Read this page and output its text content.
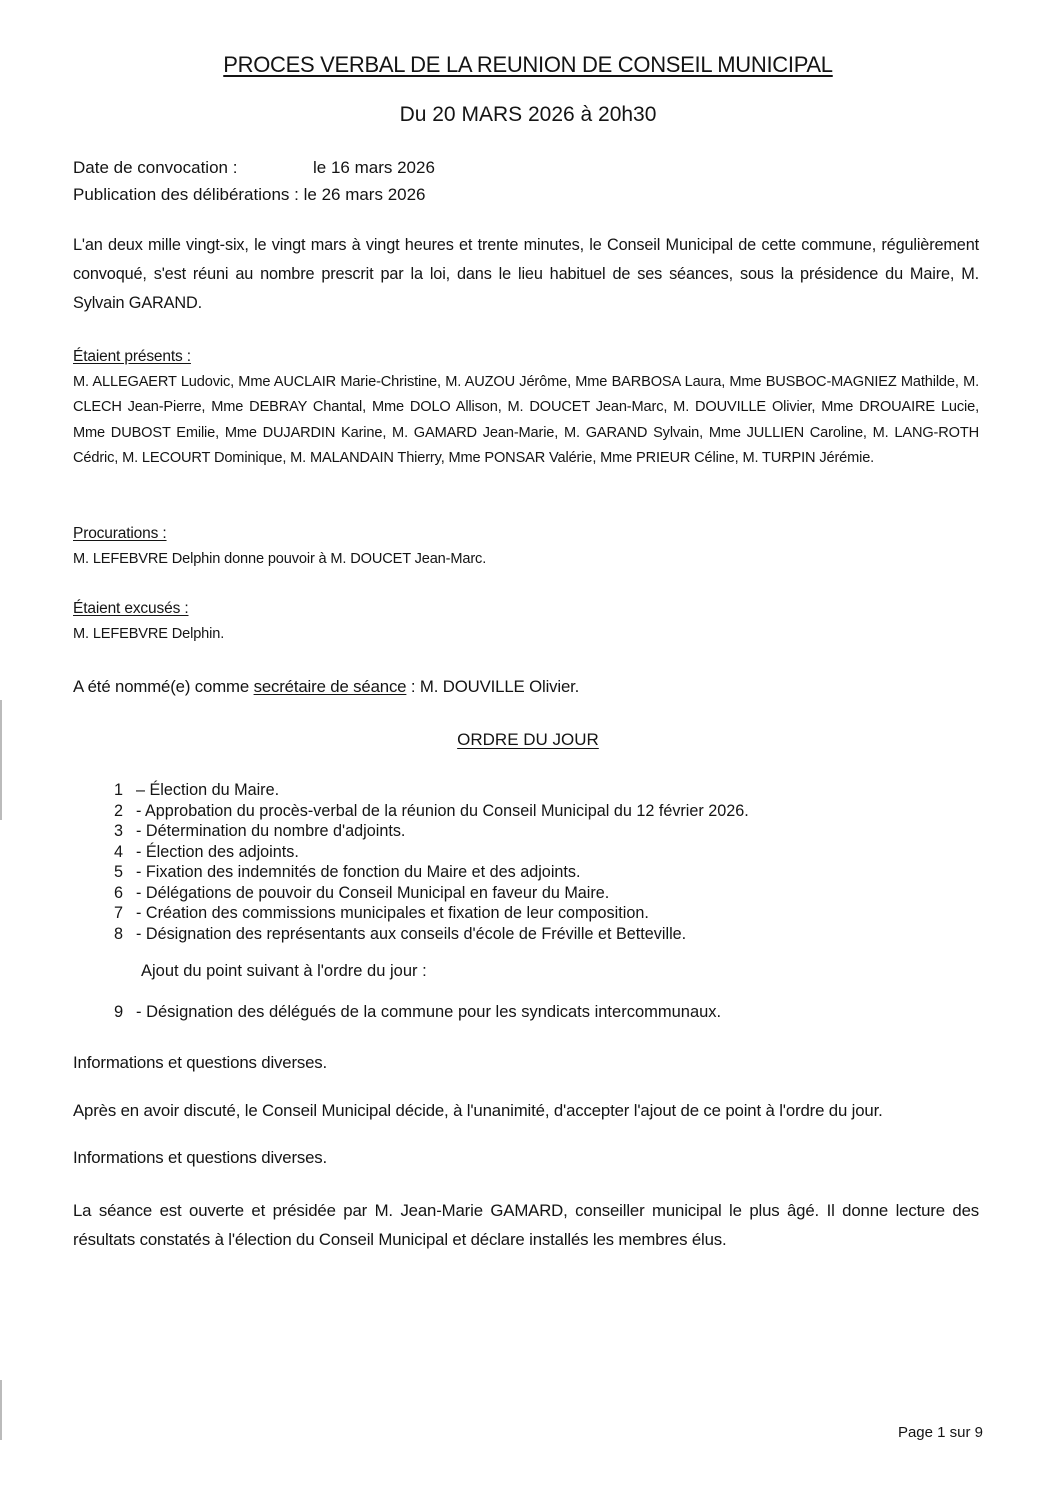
PROCES VERBAL DE LA REUNION DE CONSEIL MUNICIPAL
Du 20 MARS 2026 à 20h30
Date de convocation :	le 16 mars 2026
Publication des délibérations : le 26 mars 2026
L'an deux mille vingt-six, le vingt mars à vingt heures et trente minutes, le Conseil Municipal de cette commune, régulièrement convoqué, s'est réuni au nombre prescrit par la loi, dans le lieu habituel de ses séances, sous la présidence du Maire, M. Sylvain GARAND.
Étaient présents :
M. ALLEGAERT Ludovic, Mme AUCLAIR Marie-Christine, M. AUZOU Jérôme, Mme BARBOSA Laura, Mme BUSBOC-MAGNIEZ Mathilde, M. CLECH Jean-Pierre, Mme DEBRAY Chantal, Mme DOLO Allison, M. DOUCET Jean-Marc, M. DOUVILLE Olivier, Mme DROUAIRE Lucie, Mme DUBOST Emilie, Mme DUJARDIN Karine, M. GAMARD Jean-Marie, M. GARAND Sylvain, Mme JULLIEN Caroline, M. LANG-ROTH Cédric, M. LECOURT Dominique, M. MALANDAIN Thierry, Mme PONSAR Valérie, Mme PRIEUR Céline, M. TURPIN Jérémie.
Procurations :
M. LEFEBVRE Delphin donne pouvoir à M. DOUCET Jean-Marc.
Étaient excusés :
M. LEFEBVRE Delphin.
A été nommé(e) comme secrétaire de séance : M. DOUVILLE Olivier.
ORDRE DU JOUR
1 – Élection du Maire.
2 - Approbation du procès-verbal de la réunion du Conseil Municipal du 12 février 2026.
3 - Détermination du nombre d'adjoints.
4 - Élection des adjoints.
5 - Fixation des indemnités de fonction du Maire et des adjoints.
6 - Délégations de pouvoir du Conseil Municipal en faveur du Maire.
7 - Création des commissions municipales et fixation de leur composition.
8 - Désignation des représentants aux conseils d'école de Fréville et Betteville.
Ajout du point suivant à l'ordre du jour :
9 - Désignation des délégués de la commune pour les syndicats intercommunaux.
Informations et questions diverses.
Après en avoir discuté, le Conseil Municipal décide, à l'unanimité, d'accepter l'ajout de ce point à l'ordre du jour.
Informations et questions diverses.
La séance est ouverte et présidée par M. Jean-Marie GAMARD, conseiller municipal le plus âgé. Il donne lecture des résultats constatés à l'élection du Conseil Municipal et déclare installés les membres élus.
Page 1 sur 9
